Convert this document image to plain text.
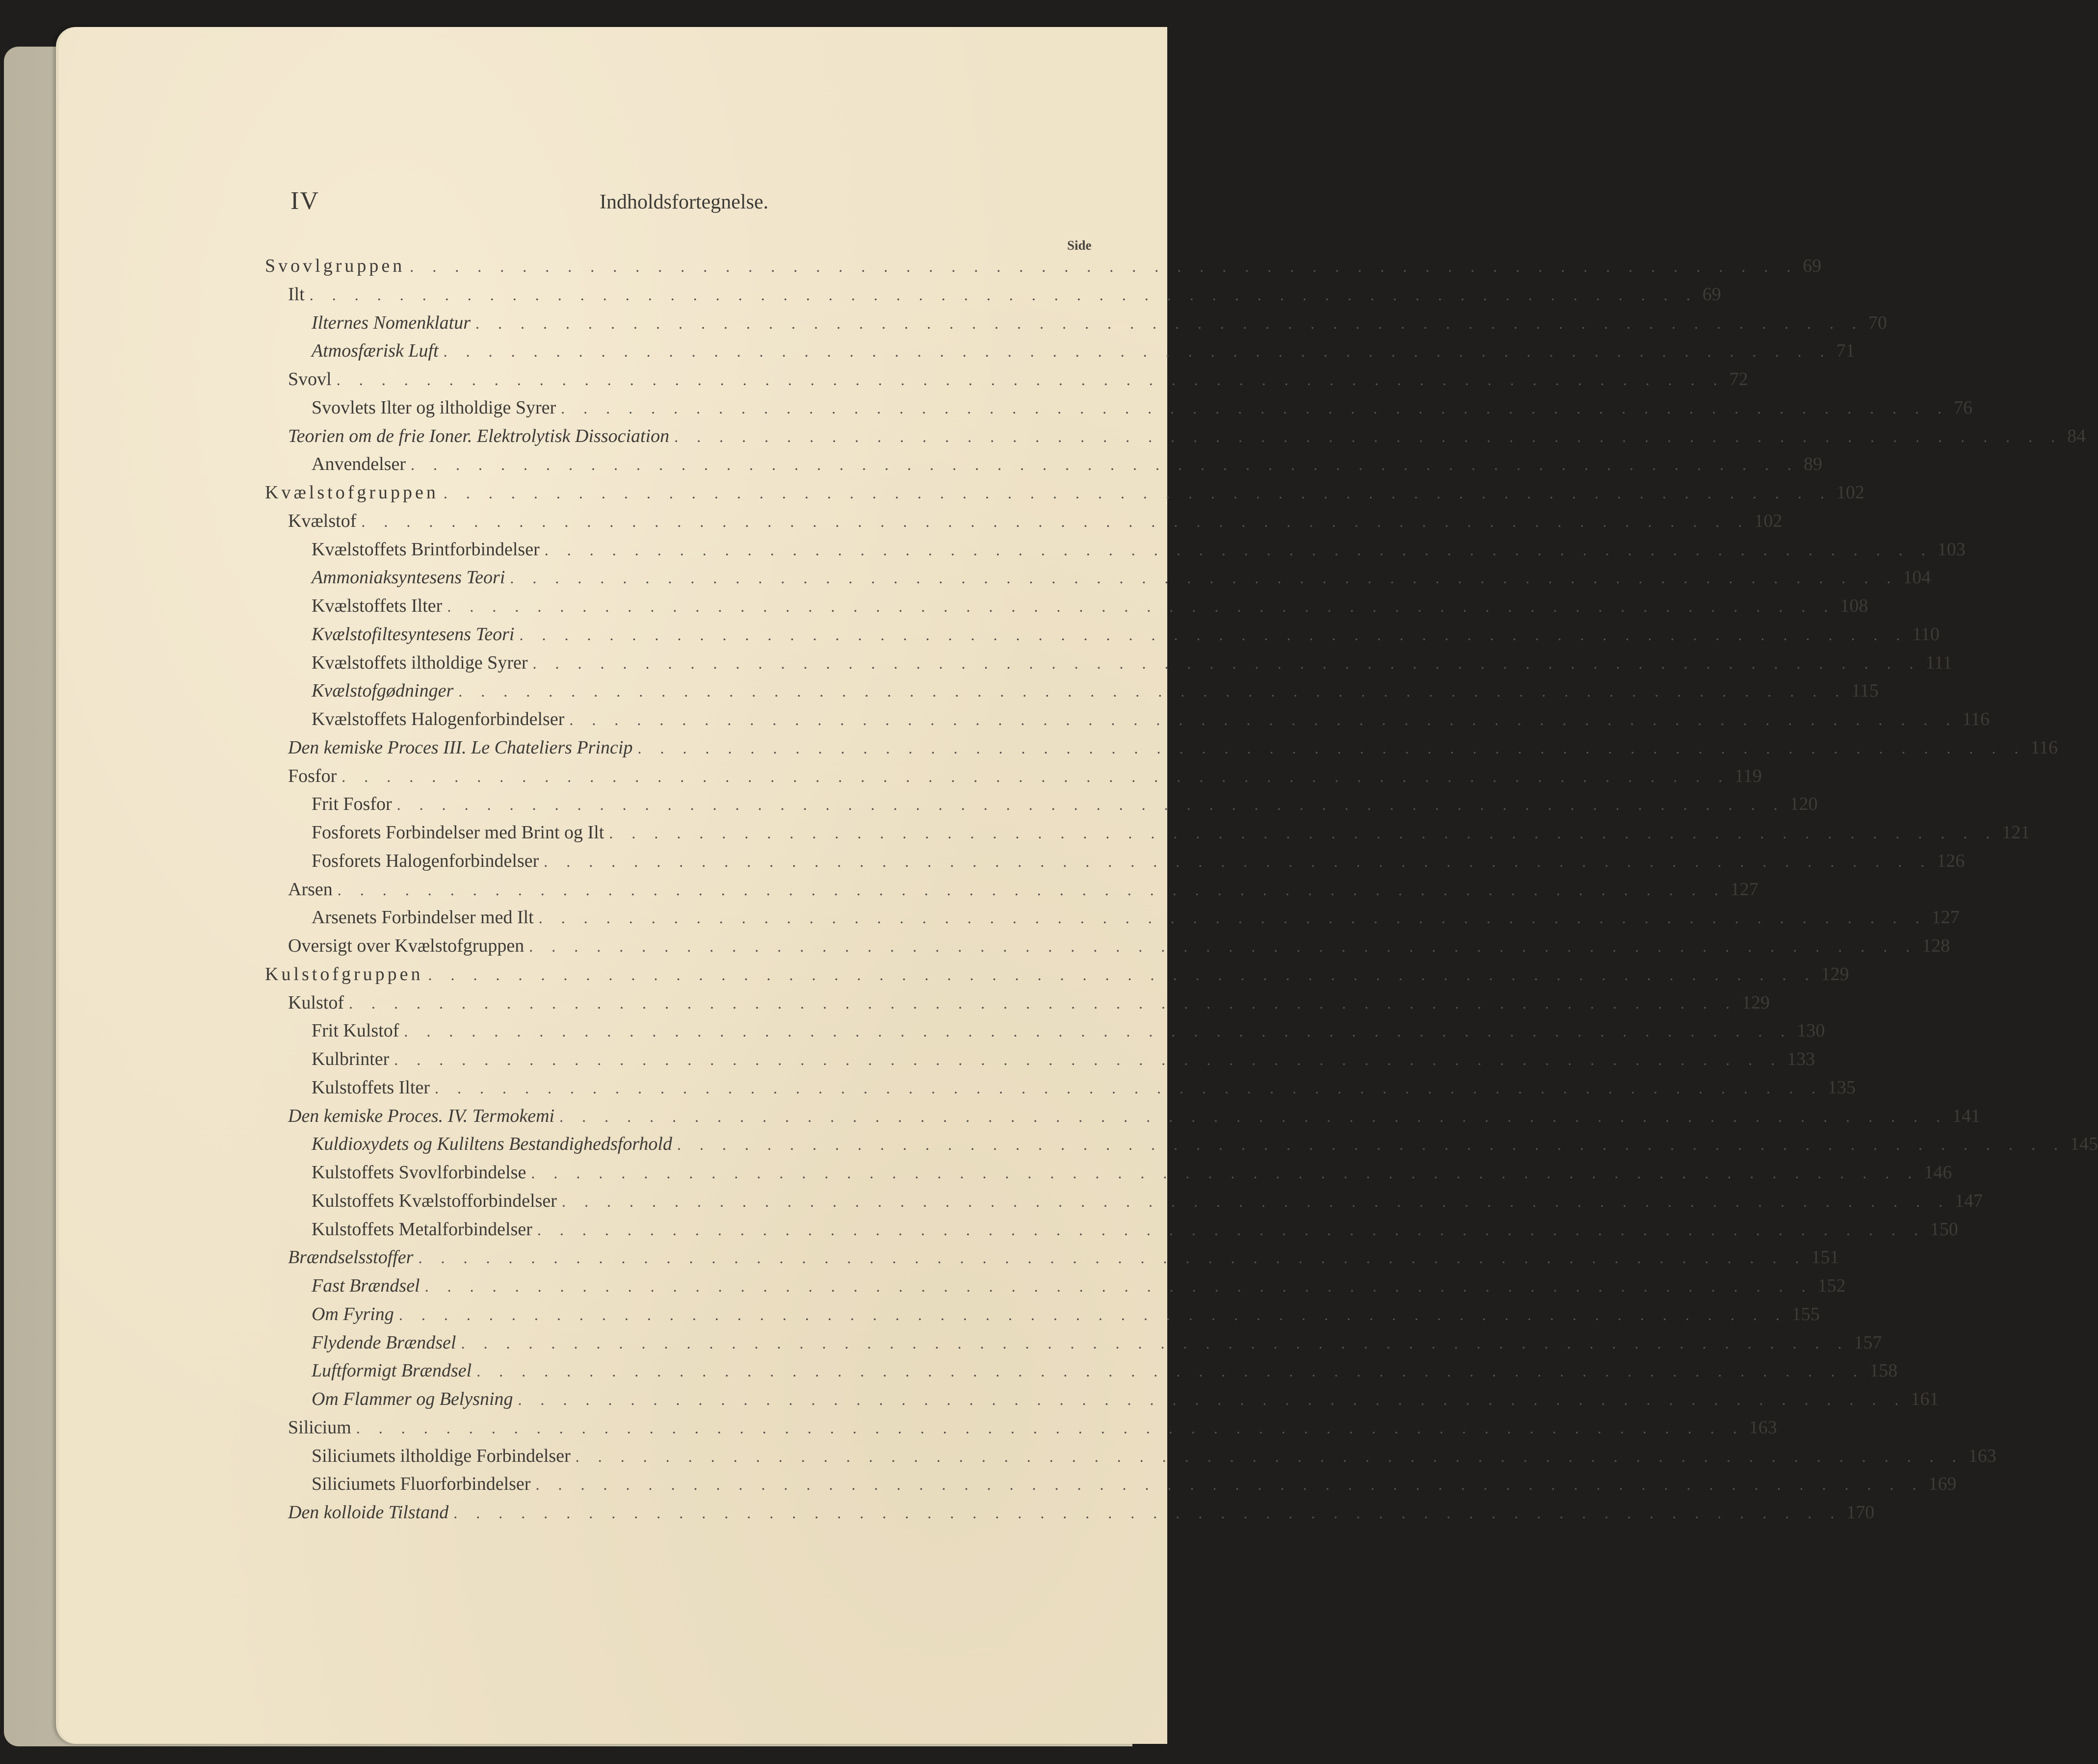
IV	Indholdsfortegnelse.
Side
Svovlgruppen . . . . . . . . . . . . . . . . . . . . . . . . . . . . . . . . . . . . . . . . . . . . . . . . . . . . . . . . . . . . . . 69
Ilt . . . . . . . . . . . . . . . . . . . . . . . . . . . . . . . . . . . . . . . . . . . . . . . . . . . . . . . . . . . . . . 69
Ilternes Nomenklatur . . . . . . . . . . . . . . . . . . . . . . . . . . . . . . . . . . . . . . . . . . . . . . . . . . . . . . . . . . . . . . 70
Atmosfærisk Luft . . . . . . . . . . . . . . . . . . . . . . . . . . . . . . . . . . . . . . . . . . . . . . . . . . . . . . . . . . . . . . 71
Svovl . . . . . . . . . . . . . . . . . . . . . . . . . . . . . . . . . . . . . . . . . . . . . . . . . . . . . . . . . . . . . . 72
Svovlets Ilter og iltholdige Syrer . . . . . . . . . . . . . . . . . . . . . . . . . . . . . . . . . . . . . . . . . . . . . . . . . . . . . . . . . . . . . . 76
Teorien om de frie Ioner. Elektrolytisk Dissociation . . . . . . . . . . . . . . . . . . . . . . . . . . . . . . . . . . . . . . . . . . . . . . . . . . . . . . . . . . . . . . 84
Anvendelser . . . . . . . . . . . . . . . . . . . . . . . . . . . . . . . . . . . . . . . . . . . . . . . . . . . . . . . . . . . . . . 89
Kvælstofgruppen . . . . . . . . . . . . . . . . . . . . . . . . . . . . . . . . . . . . . . . . . . . . . . . . . . . . . . . . . . . . . . 102
Kvælstof . . . . . . . . . . . . . . . . . . . . . . . . . . . . . . . . . . . . . . . . . . . . . . . . . . . . . . . . . . . . . . 102
Kvælstoffets Brintforbindelser . . . . . . . . . . . . . . . . . . . . . . . . . . . . . . . . . . . . . . . . . . . . . . . . . . . . . . . . . . . . . . 103
Ammoniaksyntesens Teori . . . . . . . . . . . . . . . . . . . . . . . . . . . . . . . . . . . . . . . . . . . . . . . . . . . . . . . . . . . . . . 104
Kvælstoffets Ilter . . . . . . . . . . . . . . . . . . . . . . . . . . . . . . . . . . . . . . . . . . . . . . . . . . . . . . . . . . . . . . 108
Kvælstofiltesyntesens Teori . . . . . . . . . . . . . . . . . . . . . . . . . . . . . . . . . . . . . . . . . . . . . . . . . . . . . . . . . . . . . . 110
Kvælstoffets iltholdige Syrer . . . . . . . . . . . . . . . . . . . . . . . . . . . . . . . . . . . . . . . . . . . . . . . . . . . . . . . . . . . . . . 111
Kvælstofgødninger . . . . . . . . . . . . . . . . . . . . . . . . . . . . . . . . . . . . . . . . . . . . . . . . . . . . . . . . . . . . . . 115
Kvælstoffets Halogenforbindelser . . . . . . . . . . . . . . . . . . . . . . . . . . . . . . . . . . . . . . . . . . . . . . . . . . . . . . . . . . . . . . 116
Den kemiske Proces III. Le Chateliers Princip . . . . . . . . . . . . . . . . . . . . . . . . . . . . . . . . . . . . . . . . . . . . . . . . . . . . . . . . . . . . . . 116
Fosfor . . . . . . . . . . . . . . . . . . . . . . . . . . . . . . . . . . . . . . . . . . . . . . . . . . . . . . . . . . . . . . 119
Frit Fosfor . . . . . . . . . . . . . . . . . . . . . . . . . . . . . . . . . . . . . . . . . . . . . . . . . . . . . . . . . . . . . . 120
Fosforets Forbindelser med Brint og Ilt . . . . . . . . . . . . . . . . . . . . . . . . . . . . . . . . . . . . . . . . . . . . . . . . . . . . . . . . . . . . . . 121
Fosforets Halogenforbindelser . . . . . . . . . . . . . . . . . . . . . . . . . . . . . . . . . . . . . . . . . . . . . . . . . . . . . . . . . . . . . . 126
Arsen . . . . . . . . . . . . . . . . . . . . . . . . . . . . . . . . . . . . . . . . . . . . . . . . . . . . . . . . . . . . . . 127
Arsenets Forbindelser med Ilt . . . . . . . . . . . . . . . . . . . . . . . . . . . . . . . . . . . . . . . . . . . . . . . . . . . . . . . . . . . . . . 127
Oversigt over Kvælstofgruppen . . . . . . . . . . . . . . . . . . . . . . . . . . . . . . . . . . . . . . . . . . . . . . . . . . . . . . . . . . . . . . 128
Kulstofgruppen . . . . . . . . . . . . . . . . . . . . . . . . . . . . . . . . . . . . . . . . . . . . . . . . . . . . . . . . . . . . . . 129
Kulstof . . . . . . . . . . . . . . . . . . . . . . . . . . . . . . . . . . . . . . . . . . . . . . . . . . . . . . . . . . . . . . 129
Frit Kulstof . . . . . . . . . . . . . . . . . . . . . . . . . . . . . . . . . . . . . . . . . . . . . . . . . . . . . . . . . . . . . . 130
Kulbrinter . . . . . . . . . . . . . . . . . . . . . . . . . . . . . . . . . . . . . . . . . . . . . . . . . . . . . . . . . . . . . . 133
Kulstoffets Ilter . . . . . . . . . . . . . . . . . . . . . . . . . . . . . . . . . . . . . . . . . . . . . . . . . . . . . . . . . . . . . . 135
Den kemiske Proces. IV. Termokemi . . . . . . . . . . . . . . . . . . . . . . . . . . . . . . . . . . . . . . . . . . . . . . . . . . . . . . . . . . . . . . 141
Kuldioxydets og Kuliltens Bestandighedsforhold . . . . . . . . . . . . . . . . . . . . . . . . . . . . . . . . . . . . . . . . . . . . . . . . . . . . . . . . . . . . . . 145
Kulstoffets Svovlforbindelse . . . . . . . . . . . . . . . . . . . . . . . . . . . . . . . . . . . . . . . . . . . . . . . . . . . . . . . . . . . . . . 146
Kulstoffets Kvælstofforbindelser . . . . . . . . . . . . . . . . . . . . . . . . . . . . . . . . . . . . . . . . . . . . . . . . . . . . . . . . . . . . . . 147
Kulstoffets Metalforbindelser . . . . . . . . . . . . . . . . . . . . . . . . . . . . . . . . . . . . . . . . . . . . . . . . . . . . . . . . . . . . . . 150
Brændselsstoffer . . . . . . . . . . . . . . . . . . . . . . . . . . . . . . . . . . . . . . . . . . . . . . . . . . . . . . . . . . . . . . 151
Fast Brændsel . . . . . . . . . . . . . . . . . . . . . . . . . . . . . . . . . . . . . . . . . . . . . . . . . . . . . . . . . . . . . . 152
Om Fyring . . . . . . . . . . . . . . . . . . . . . . . . . . . . . . . . . . . . . . . . . . . . . . . . . . . . . . . . . . . . . . 155
Flydende Brændsel . . . . . . . . . . . . . . . . . . . . . . . . . . . . . . . . . . . . . . . . . . . . . . . . . . . . . . . . . . . . . . 157
Luftformigt Brændsel . . . . . . . . . . . . . . . . . . . . . . . . . . . . . . . . . . . . . . . . . . . . . . . . . . . . . . . . . . . . . . 158
Om Flammer og Belysning . . . . . . . . . . . . . . . . . . . . . . . . . . . . . . . . . . . . . . . . . . . . . . . . . . . . . . . . . . . . . . 161
Silicium . . . . . . . . . . . . . . . . . . . . . . . . . . . . . . . . . . . . . . . . . . . . . . . . . . . . . . . . . . . . . . 163
Siliciumets iltholdige Forbindelser . . . . . . . . . . . . . . . . . . . . . . . . . . . . . . . . . . . . . . . . . . . . . . . . . . . . . . . . . . . . . . 163
Siliciumets Fluorforbindelser . . . . . . . . . . . . . . . . . . . . . . . . . . . . . . . . . . . . . . . . . . . . . . . . . . . . . . . . . . . . . . 169
Den kolloide Tilstand . . . . . . . . . . . . . . . . . . . . . . . . . . . . . . . . . . . . . . . . . . . . . . . . . . . . . . . . . . . . . . 170
